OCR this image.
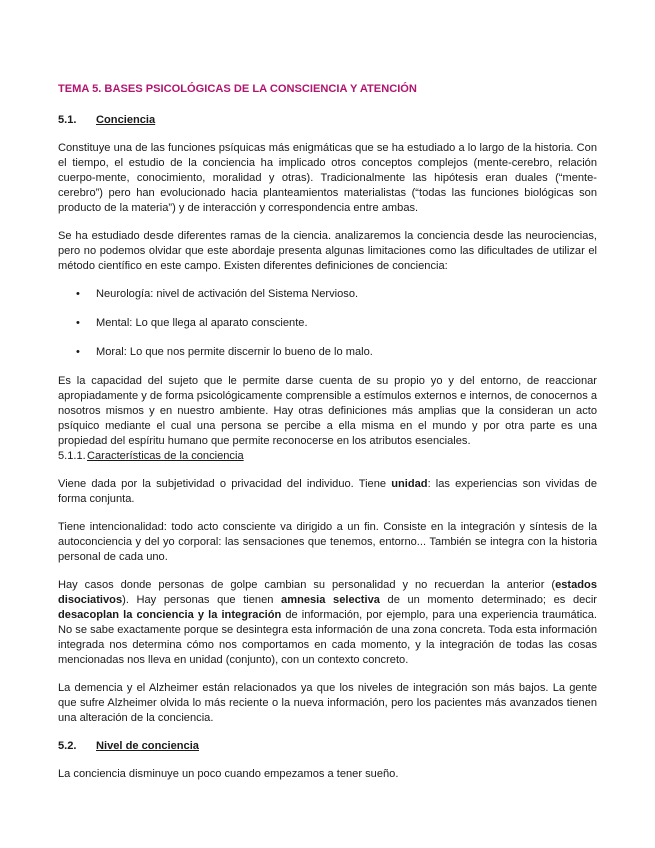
TEMA 5. BASES PSICOLÓGICAS DE LA CONSCIENCIA Y ATENCIÓN
5.1. Conciencia

Constituye una de las funciones psíquicas más enigmáticas que se ha estudiado a lo largo de la historia. Con el tiempo, el estudio de la conciencia ha implicado otros conceptos complejos (mente-cerebro, relación cuerpo-mente, conocimiento, moralidad y otras). Tradicionalmente las hipótesis eran duales (“mente-cerebro”) pero han evolucionado hacia planteamientos materialistas (“todas las funciones biológicas son producto de la materia”) y de interacción y correspondencia entre ambas.

Se ha estudiado desde diferentes ramas de la ciencia. analizaremos la conciencia desde las neurociencias, pero no podemos olvidar que este abordaje presenta algunas limitaciones como las dificultades de utilizar el método científico en este campo. Existen diferentes definiciones de conciencia:

• Neurología: nivel de activación del Sistema Nervioso.
• Mental: Lo que llega al aparato consciente.
• Moral: Lo que nos permite discernir lo bueno de lo malo.

Es la capacidad del sujeto que le permite darse cuenta de su propio yo y del entorno, de reaccionar apropiadamente y de forma psicológicamente comprensible a estímulos externos e internos, de conocernos a nosotros mismos y en nuestro ambiente. Hay otras definiciones más amplias que la consideran un acto psíquico mediante el cual una persona se percibe a ella misma en el mundo y por otra parte es una propiedad del espíritu humano que permite reconocerse en los atributos esenciales.

5.1.1.Características de la conciencia

Viene dada por la subjetividad o privacidad del individuo. Tiene unidad: las experiencias son vividas de forma conjunta.

Tiene intencionalidad: todo acto consciente va dirigido a un fin. Consiste en la integración y síntesis de la autoconciencia y del yo corporal: las sensaciones que tenemos, entorno... También se integra con la historia personal de cada uno.

Hay casos donde personas de golpe cambian su personalidad y no recuerdan la anterior (estados disociativos). Hay personas que tienen amnesia selectiva de un momento determinado; es decir desacoplan la conciencia y la integración de información, por ejemplo, para una experiencia traumática. No se sabe exactamente porque se desintegra esta información de una zona concreta. Toda esta información integrada nos determina cómo nos comportamos en cada momento, y la integración de todas las cosas mencionadas nos lleva en unidad (conjunto), con un contexto concreto.

La demencia y el Alzheimer están relacionados ya que los niveles de integración son más bajos. La gente que sufre Alzheimer olvida lo más reciente o la nueva información, pero los pacientes más avanzados tienen una alteración de la conciencia.

5.2. Nivel de conciencia

La conciencia disminuye un poco cuando empezamos a tener sueño.
